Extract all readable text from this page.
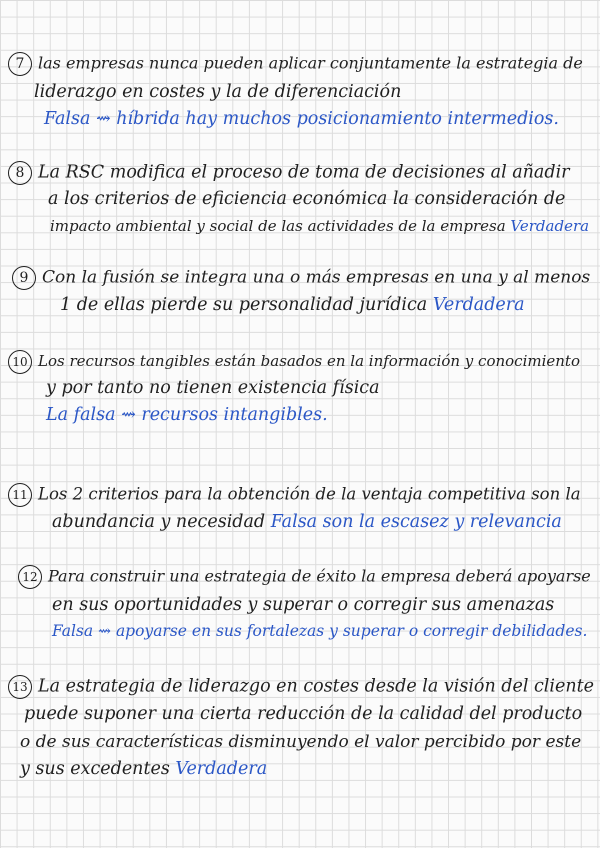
7 las empresas nunca pueden aplicar conjuntamente la estrategia de
liderazgo en costes y la de diferenciación
Falsa ⇝ híbrida hay muchos posicionamiento intermedios.
8 La RSC modifica el proceso de toma de decisiones al añadir
a los criterios de eficiencia económica la consideración de
impacto ambiental y social de las actividades de la empresa Verdadera
9 Con la fusión se integra una o más empresas en una y al menos
1 de ellas pierde su personalidad jurídica Verdadera
10 Los recursos tangibles están basados en la información y conocimiento
y por tanto no tienen existencia física
La falsa ⇝ recursos intangibles.
11 Los 2 criterios para la obtención de la ventaja competitiva son la
abundancia y necesidad Falsa son la escasez y relevancia
12 Para construir una estrategia de éxito la empresa deberá apoyarse
en sus oportunidades y superar o corregir sus amenazas
Falsa ⇝ apoyarse en sus fortalezas y superar o corregir debilidades.
13 La estrategia de liderazgo en costes desde la visión del cliente
puede suponer una cierta reducción de la calidad del producto
o de sus características disminuyendo el valor percibido por este
y sus excedentes Verdadera
